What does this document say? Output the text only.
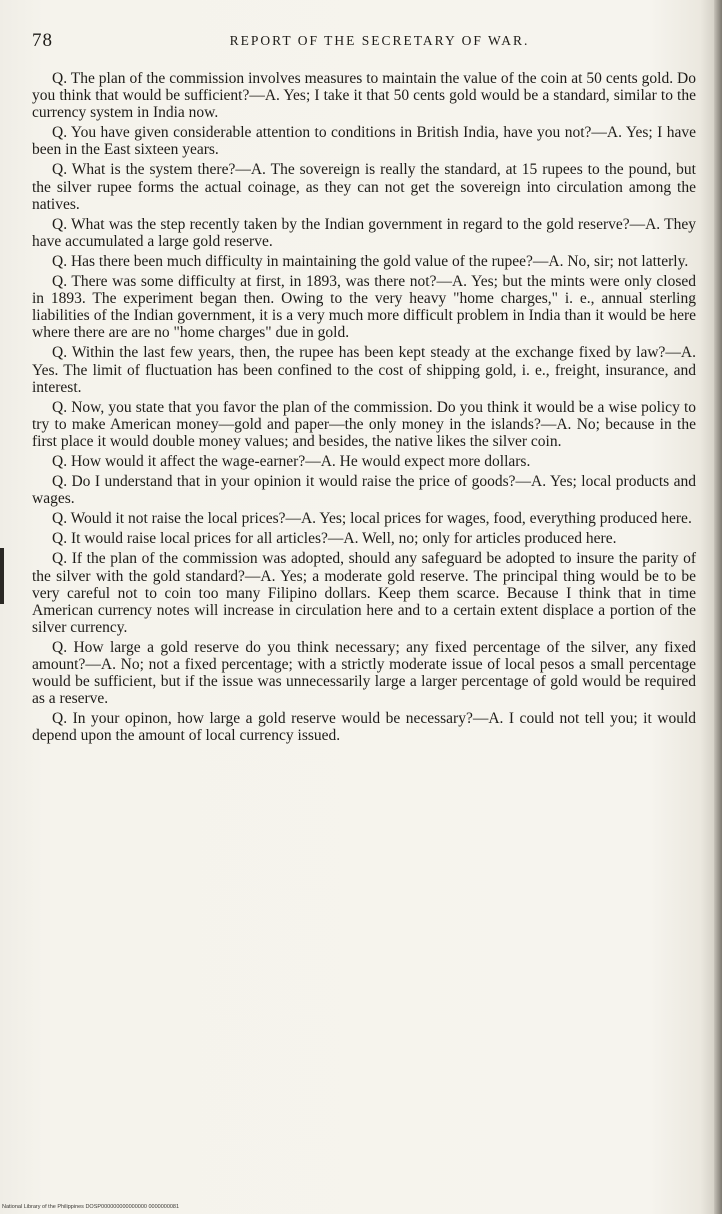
78	REPORT OF THE SECRETARY OF WAR.

Q. The plan of the commission involves measures to maintain the value of the coin at 50 cents gold. Do you think that would be sufficient?—A. Yes; I take it that 50 cents gold would be a standard, similar to the currency system in India now.

Q. You have given considerable attention to conditions in British India, have you not?—A. Yes; I have been in the East sixteen years.

Q. What is the system there?—A. The sovereign is really the standard, at 15 rupees to the pound, but the silver rupee forms the actual coinage, as they can not get the sovereign into circulation among the natives.

Q. What was the step recently taken by the Indian government in regard to the gold reserve?—A. They have accumulated a large gold reserve.

Q. Has there been much difficulty in maintaining the gold value of the rupee?—A. No, sir; not latterly.

Q. There was some difficulty at first, in 1893, was there not?—A. Yes; but the mints were only closed in 1893. The experiment began then. Owing to the very heavy "home charges," i. e., annual sterling liabilities of the Indian government, it is a very much more difficult problem in India than it would be here where there are are no "home charges" due in gold.

Q. Within the last few years, then, the rupee has been kept steady at the exchange fixed by law?—A. Yes. The limit of fluctuation has been confined to the cost of shipping gold, i. e., freight, insurance, and interest.

Q. Now, you state that you favor the plan of the commission. Do you think it would be a wise policy to try to make American money—gold and paper—the only money in the islands?—A. No; because in the first place it would double money values; and besides, the native likes the silver coin.

Q. How would it affect the wage-earner?—A. He would expect more dollars.

Q. Do I understand that in your opinion it would raise the price of goods?—A. Yes; local products and wages.

Q. Would it not raise the local prices?—A. Yes; local prices for wages, food, everything produced here.

Q. It would raise local prices for all articles?—A. Well, no; only for articles produced here.

Q. If the plan of the commission was adopted, should any safeguard be adopted to insure the parity of the silver with the gold standard?—A. Yes; a moderate gold reserve. The principal thing would be to be very careful not to coin too many Filipino dollars. Keep them scarce. Because I think that in time American currency notes will increase in circulation here and to a certain extent displace a portion of the silver currency.

Q. How large a gold reserve do you think necessary; any fixed percentage of the silver, any fixed amount?—A. No; not a fixed percentage; with a strictly moderate issue of local pesos a small percentage would be sufficient, but if the issue was unnecessarily large a larger percentage of gold would be required as a reserve.

Q. In your opinon, how large a gold reserve would be necessary?—A. I could not tell you; it would depend upon the amount of local currency issued.

National Library of the Philippines DOSP000000000000000 0000000081
